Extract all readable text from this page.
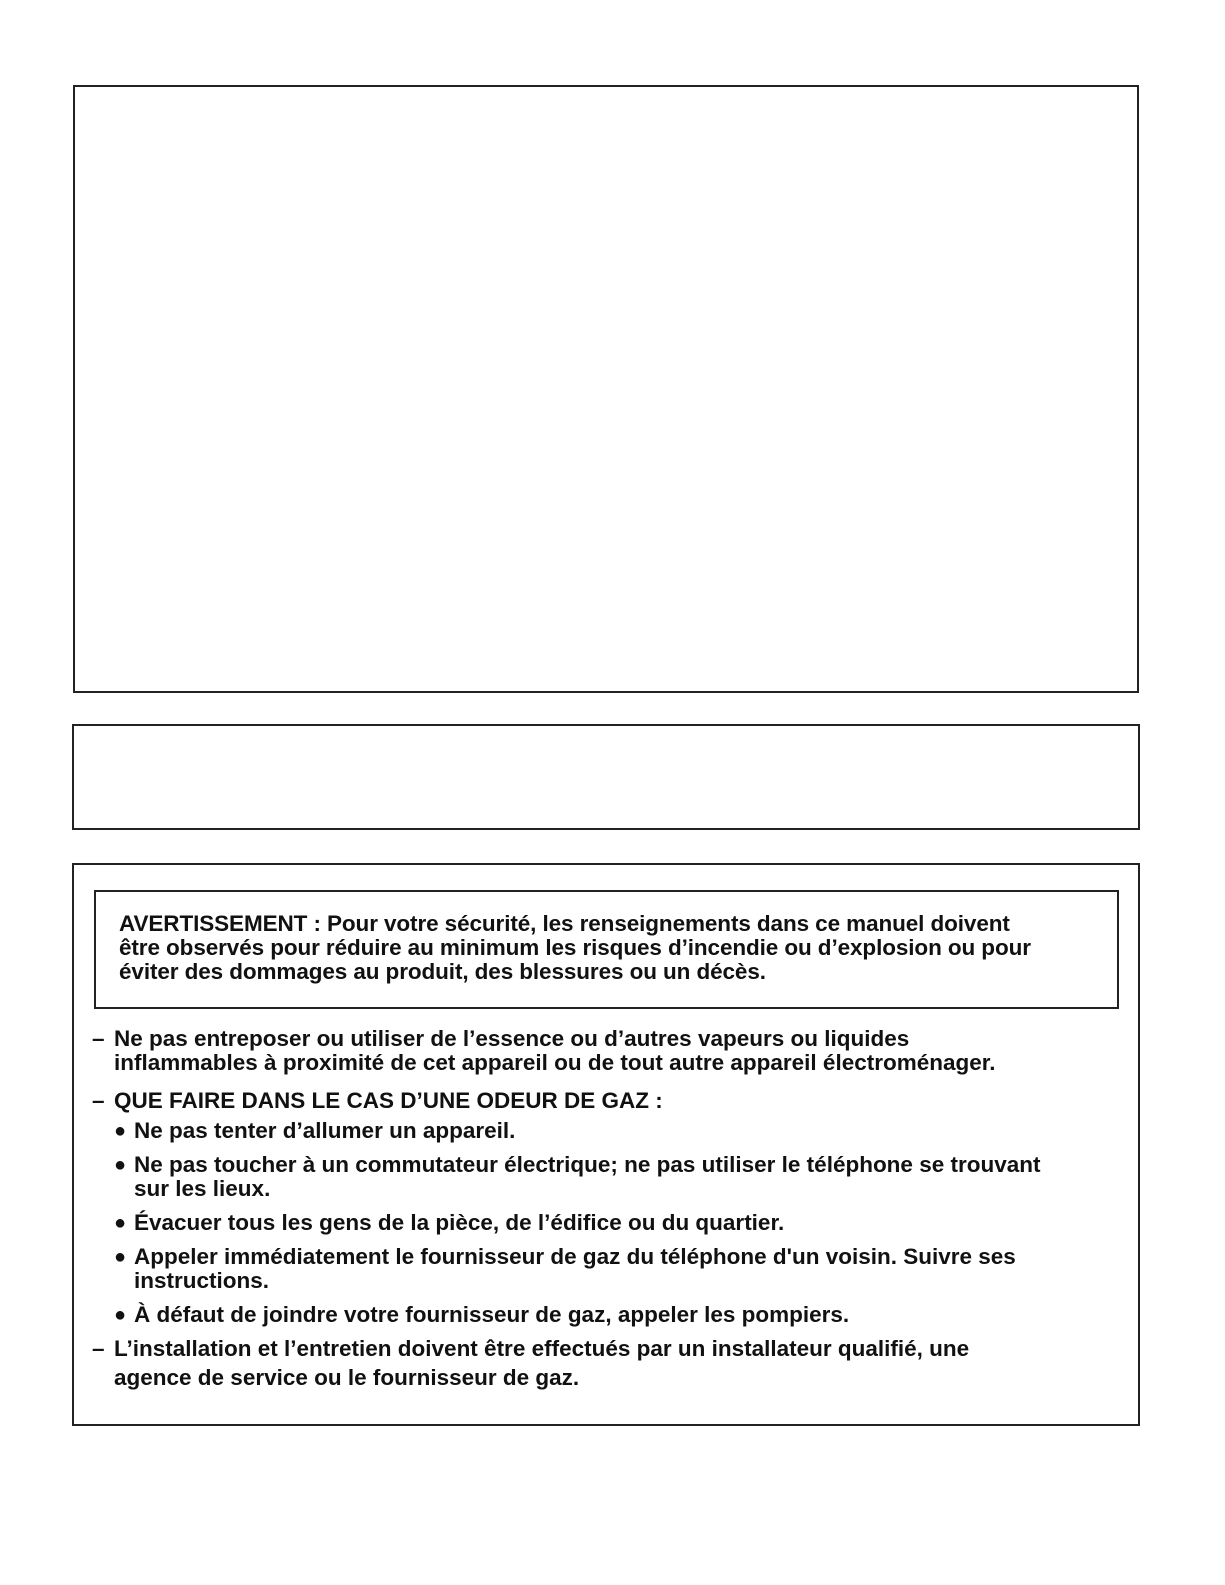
AVERTISSEMENT : Pour votre sécurité, les renseignements dans ce manuel doivent
être observés pour réduire au minimum les risques d’incendie ou d’explosion ou pour
éviter des dommages au produit, des blessures ou un décès.

– Ne pas entreposer ou utiliser de l’essence ou d’autres vapeurs ou liquides
inflammables à proximité de cet appareil ou de tout autre appareil électroménager.
– QUE FAIRE DANS LE CAS D’UNE ODEUR DE GAZ :
● Ne pas tenter d’allumer un appareil.
● Ne pas toucher à un commutateur électrique; ne pas utiliser le téléphone se trouvant
sur les lieux.
● Évacuer tous les gens de la pièce, de l’édifice ou du quartier.
● Appeler immédiatement le fournisseur de gaz du téléphone d'un voisin. Suivre ses
instructions.
● À défaut de joindre votre fournisseur de gaz, appeler les pompiers.
– L’installation et l’entretien doivent être effectués par un installateur qualifié, une
agence de service ou le fournisseur de gaz.
